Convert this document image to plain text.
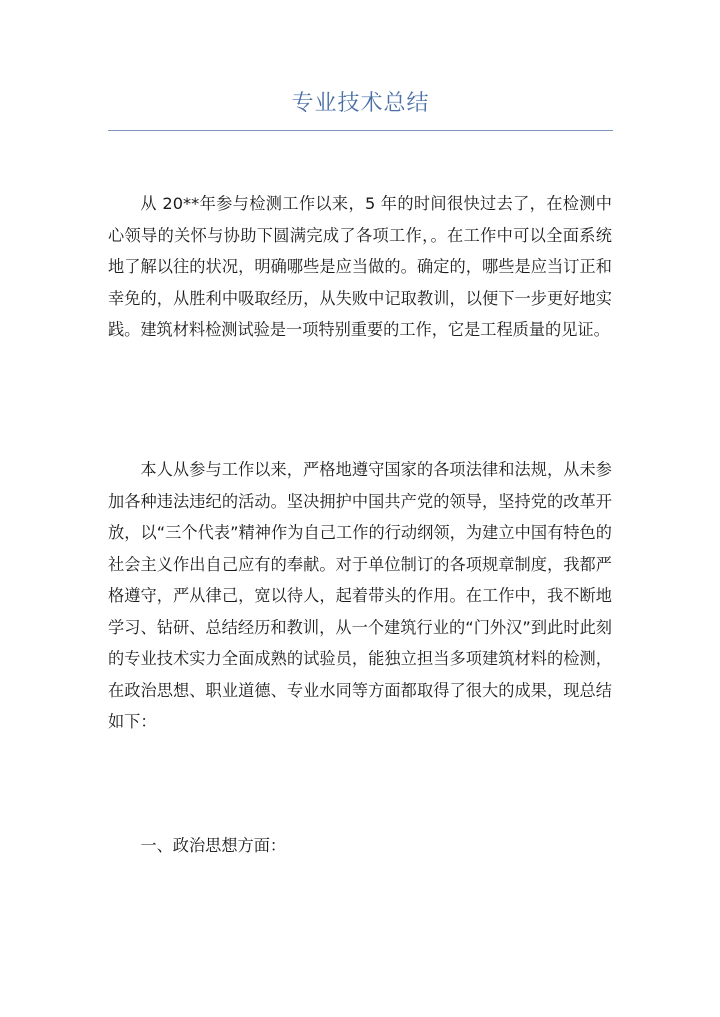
专业技术总结

从 20**年参与检测工作以来，5 年的时间很快过去了，在检测中心领导的关怀与协助下圆满完成了各项工作，。在工作中可以全面系统地了解以往的状况，明确哪些是应当做的。确定的，哪些是应当订正和幸免的，从胜利中吸取经历，从失败中记取教训，以便下一步更好地实践。建筑材料检测试验是一项特别重要的工作，它是工程质量的见证。

本人从参与工作以来，严格地遵守国家的各项法律和法规，从未参加各种违法违纪的活动。坚决拥护中国共产党的领导，坚持党的改革开放，以“三个代表”精神作为自己工作的行动纲领，为建立中国有特色的社会主义作出自己应有的奉献。对于单位制订的各项规章制度，我都严格遵守，严从律己，宽以待人，起着带头的作用。在工作中，我不断地学习、钻研、总结经历和教训，从一个建筑行业的“门外汉”到此时此刻的专业技术实力全面成熟的试验员，能独立担当多项建筑材料的检测，在政治思想、职业道德、专业水同等方面都取得了很大的成果，现总结如下：

一、政治思想方面：
